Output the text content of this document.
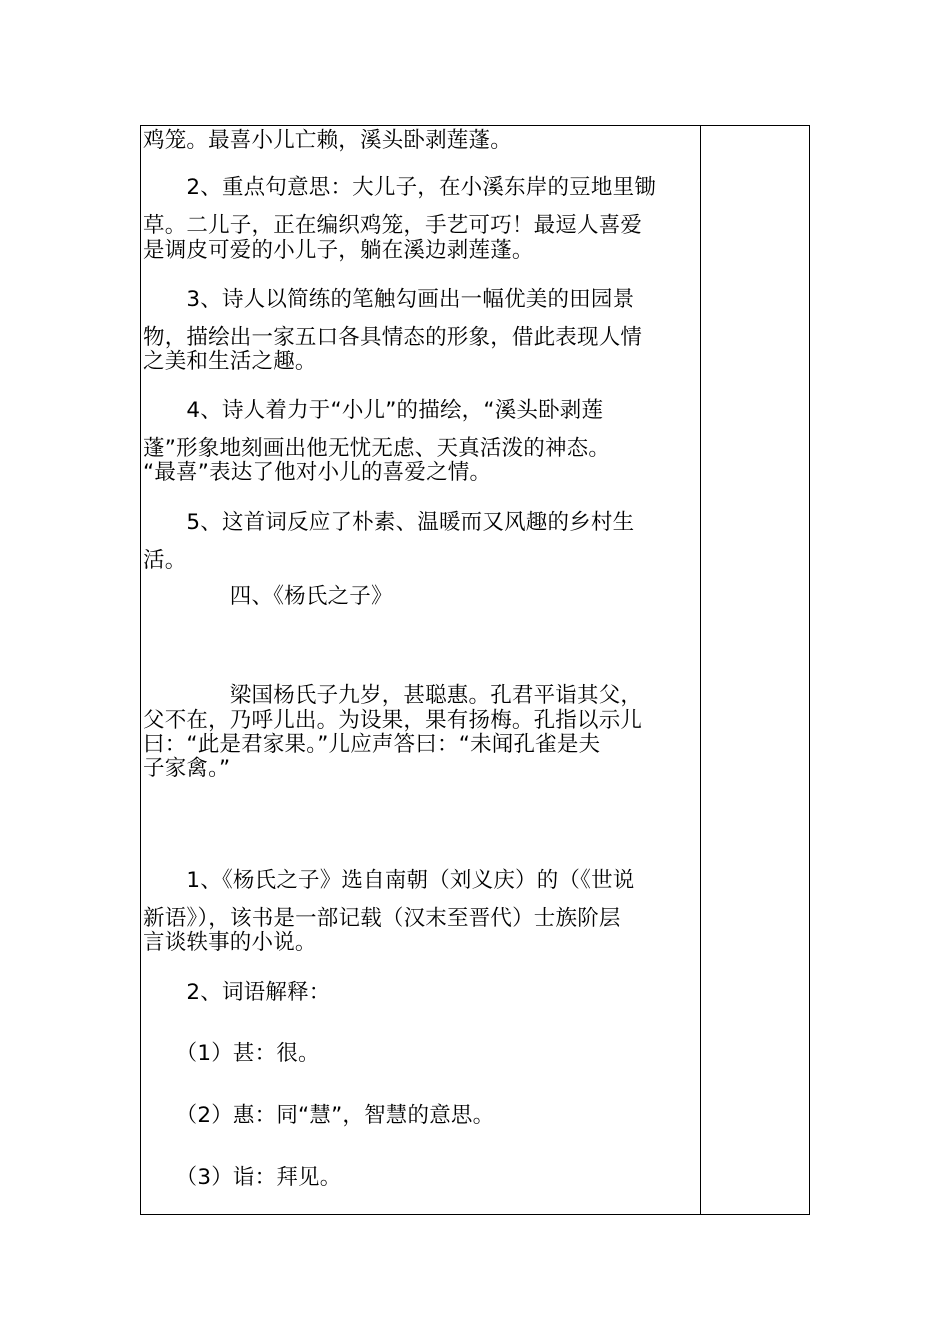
鸡笼。最喜小儿亡赖，溪头卧剥莲蓬。
　　2、重点句意思：大儿子，在小溪东岸的豆地里锄
草。二儿子，正在编织鸡笼，手艺可巧！最逗人喜爱
是调皮可爱的小儿子，躺在溪边剥莲蓬。
　　3、诗人以简练的笔触勾画出一幅优美的田园景
物，描绘出一家五口各具情态的形象，借此表现人情
之美和生活之趣。
　　4、诗人着力于“小儿”的描绘，“溪头卧剥莲
蓬”形象地刻画出他无忧无虑、天真活泼的神态。
“最喜”表达了他对小儿的喜爱之情。
　　5、这首词反应了朴素、温暖而又风趣的乡村生
活。
　　　　四、《杨氏之子》
　　　　梁国杨氏子九岁，甚聪惠。孔君平诣其父，
父不在，乃呼儿出。为设果，果有扬梅。孔指以示儿
曰：“此是君家果。”儿应声答曰：“未闻孔雀是夫
子家禽。”
　　1、《杨氏之子》选自南朝（刘义庆）的（《世说
新语》），该书是一部记载（汉末至晋代）士族阶层
言谈轶事的小说。
　　2、词语解释：
　　（1）甚：很。
　　（2）惠：同“慧”，智慧的意思。
　　（3）诣：拜见。
